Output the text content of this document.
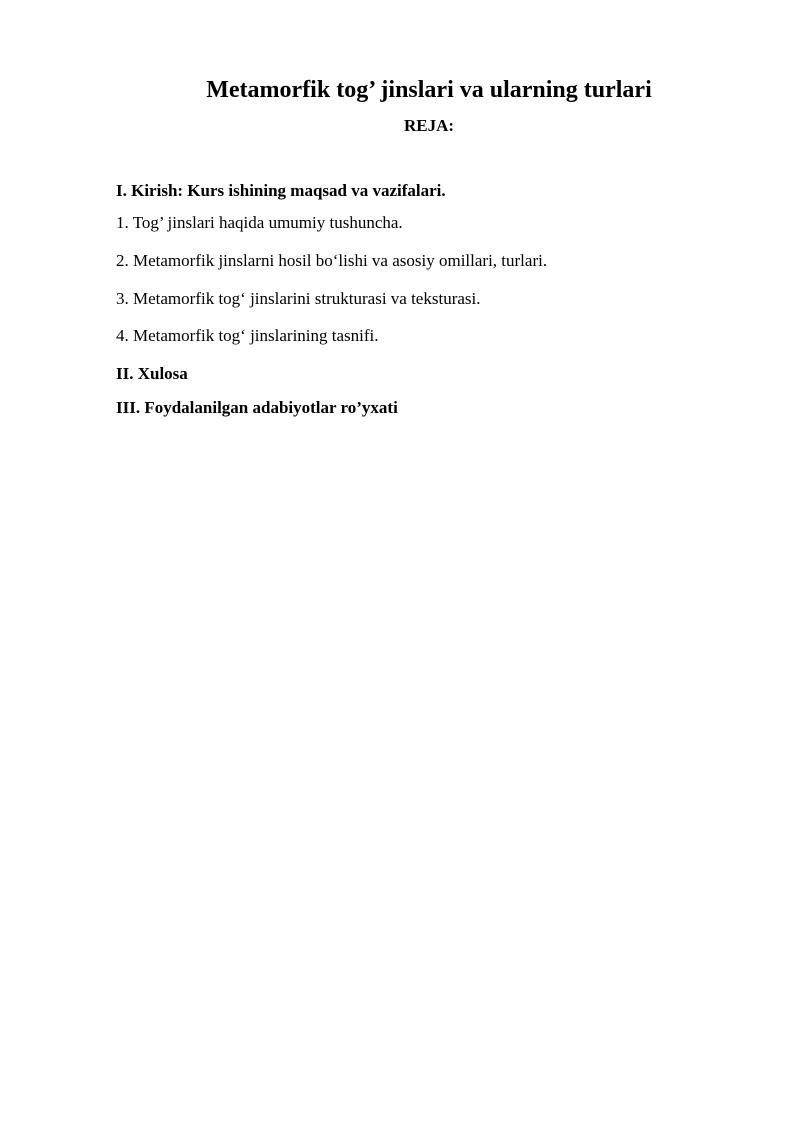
Metamorfik tog’ jinslari va ularning turlari
REJA:
I. Kirish: Kurs ishining maqsad va vazifalari.
1. Tog’ jinslari haqida umumiy tushuncha.
2. Metamorfik jinslarni hosil bo‘lishi va asosiy omillari, turlari.
3. Metamorfik tog‘ jinslarini strukturasi va teksturasi.
4. Metamorfik tog‘ jinslarining tasnifi.
II. Xulosa
III. Foydalanilgan adabiyotlar ro’yxati
